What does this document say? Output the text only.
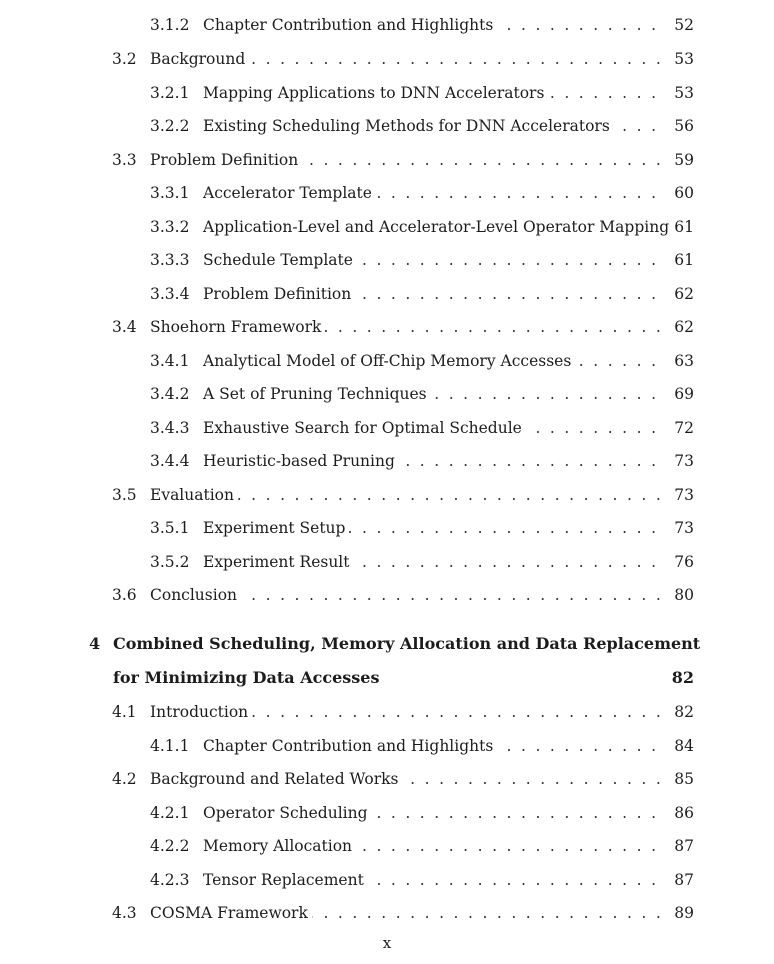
. . .
3.1.2 Chapter Contribution and Highlights	52
. . .
3.2 Background	53
. . .
3.2.1 Mapping Applications to DNN Accelerators	53
. . .
3.2.2 Existing Scheduling Methods for DNN Accelerators	56
. . .
3.3 Problem Definition	59
. . .
3.3.1 Accelerator Template	60
. . .
3.3.2 Application-Level and Accelerator-Level Operator Mapping 61
. . .
3.3.3 Schedule Template	61
. . .
3.3.4 Problem Definition	62
. . .
3.4 Shoehorn Framework	62
. . .
3.4.1 Analytical Model of Off-Chip Memory Accesses	63
. . .
3.4.2 A Set of Pruning Techniques	69
. . .
3.4.3 Exhaustive Search for Optimal Schedule	72
. . .
3.4.4 Heuristic-based Pruning	73
. . .
3.5 Evaluation	73
. . .
3.5.1 Experiment Setup	73
. . .
3.5.2 Experiment Result	76
. . .
3.6 Conclusion	80
4 Combined Scheduling, Memory Allocation and Data Replacement
for Minimizing Data Accesses	82
. . .
4.1 Introduction	82
. . .
4.1.1 Chapter Contribution and Highlights	84
. . .
4.2 Background and Related Works	85
. . .
4.2.1 Operator Scheduling	86
. . .
4.2.2 Memory Allocation	87
. . .
4.2.3 Tensor Replacement	87
. . .
4.3 COSMA Framework	89
x
